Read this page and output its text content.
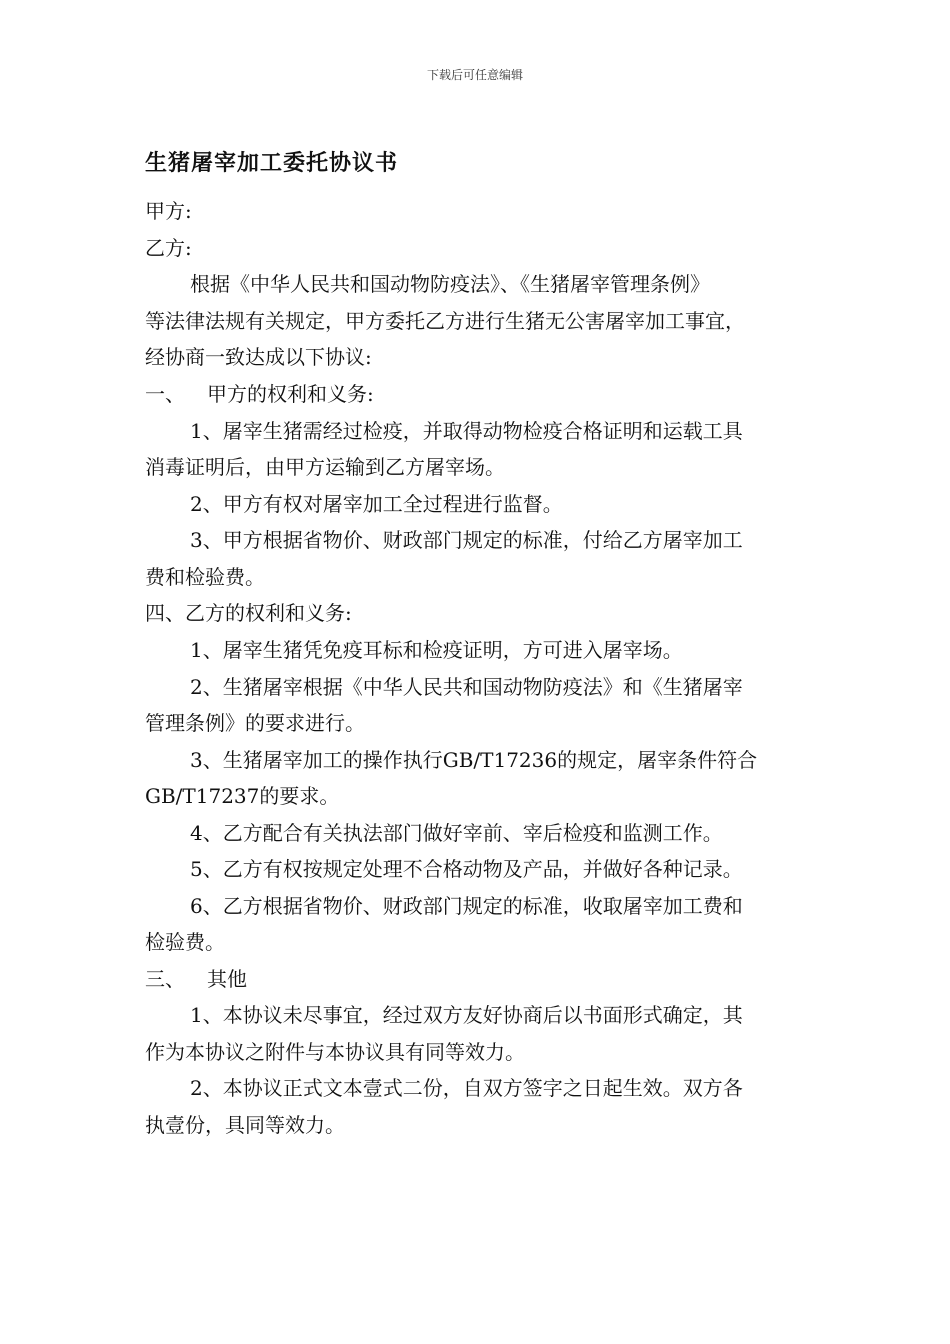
下载后可任意编辑
生猪屠宰加工委托协议书
甲方:
乙方:
根据《中华人民共和国动物防疫法》、《生猪屠宰管理条例》
等法律法规有关规定，甲方委托乙方进行生猪无公害屠宰加工事宜，
经协商一致达成以下协议:
一、 甲方的权利和义务:
1、屠宰生猪需经过检疫，并取得动物检疫合格证明和运载工具
消毒证明后，由甲方运输到乙方屠宰场。
2、甲方有权对屠宰加工全过程进行监督。
3、甲方根据省物价、财政部门规定的标准，付给乙方屠宰加工
费和检验费。
四、乙方的权利和义务:
1、屠宰生猪凭免疫耳标和检疫证明，方可进入屠宰场。
2、生猪屠宰根据《中华人民共和国动物防疫法》和《生猪屠宰
管理条例》的要求进行。
3、生猪屠宰加工的操作执行GB/T17236的规定，屠宰条件符合
GB/T17237的要求。
4、乙方配合有关执法部门做好宰前、宰后检疫和监测工作。
5、乙方有权按规定处理不合格动物及产品，并做好各种记录。
6、乙方根据省物价、财政部门规定的标准，收取屠宰加工费和
检验费。
三、 其他
1、本协议未尽事宜，经过双方友好协商后以书面形式确定，其
作为本协议之附件与本协议具有同等效力。
2、本协议正式文本壹式二份，自双方签字之日起生效。双方各
执壹份，具同等效力。
